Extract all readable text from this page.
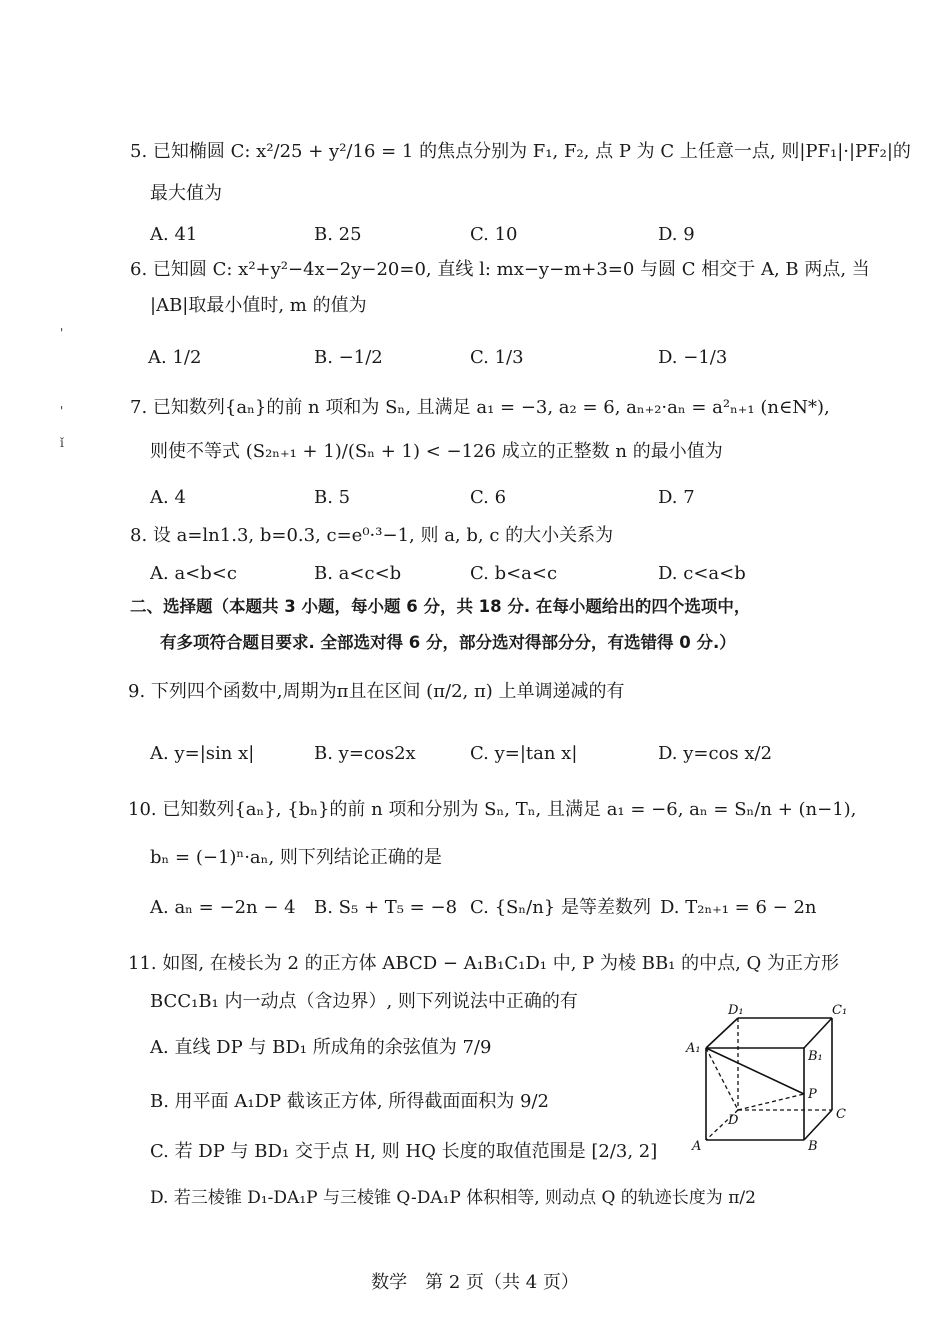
5. 已知椭圆 C: x²/25 + y²/16 = 1 的焦点分别为 F₁, F₂, 点 P 为 C 上任意一点, 则|PF₁|·|PF₂|的
最大值为
A. 41	B. 25	C. 10	D. 9
6. 已知圆 C: x²+y²−4x−2y−20=0, 直线 l: mx−y−m+3=0 与圆 C 相交于 A, B 两点, 当
|AB|取最小值时, m 的值为
A. 1/2	B. −1/2	C. 1/3	D. −1/3
7. 已知数列{aₙ}的前 n 项和为 Sₙ, 且满足 a₁ = −3, a₂ = 6, aₙ₊₂·aₙ = a²ₙ₊₁ (n∈N*),
则使不等式 (S₂ₙ₊₁ + 1)/(Sₙ + 1) < −126 成立的正整数 n 的最小值为
A. 4	B. 5	C. 6	D. 7
8. 设 a=ln1.3, b=0.3, c=e⁰·³−1, 则 a, b, c 的大小关系为
A. a<b<c	B. a<c<b	C. b<a<c	D. c<a<b
二、选择题（本题共 3 小题，每小题 6 分，共 18 分. 在每小题给出的四个选项中，
有多项符合题目要求. 全部选对得 6 分，部分选对得部分分，有选错得 0 分.）
9. 下列四个函数中,周期为π且在区间 (π/2, π) 上单调递减的有
A. y=|sin x|	B. y=cos2x	C. y=|tan x|	D. y=cos x/2
10. 已知数列{aₙ}, {bₙ}的前 n 项和分别为 Sₙ, Tₙ, 且满足 a₁ = −6, aₙ = Sₙ/n + (n−1),
bₙ = (−1)ⁿ·aₙ, 则下列结论正确的是
A. aₙ = −2n − 4 B. S₅ + T₅ = −8 C. {Sₙ/n} 是等差数列 D. T₂ₙ₊₁ = 6 − 2n
11. 如图, 在棱长为 2 的正方体 ABCD − A₁B₁C₁D₁ 中, P 为棱 BB₁ 的中点, Q 为正方形
BCC₁B₁ 内一动点（含边界）, 则下列说法中正确的有
A. 直线 DP 与 BD₁ 所成角的余弦值为 7/9
B. 用平面 A₁DP 截该正方体, 所得截面面积为 9/2
C. 若 DP 与 BD₁ 交于点 H, 则 HQ 长度的取值范围是 [2/3, 2]
D. 若三棱锥 D₁-DA₁P 与三棱锥 Q-DA₁P 体积相等, 则动点 Q 的轨迹长度为 π/2
D₁	C₁
A₁
B₁
P
D	C
A	B
'
'
ǐ
数学　第 2 页（共 4 页）
